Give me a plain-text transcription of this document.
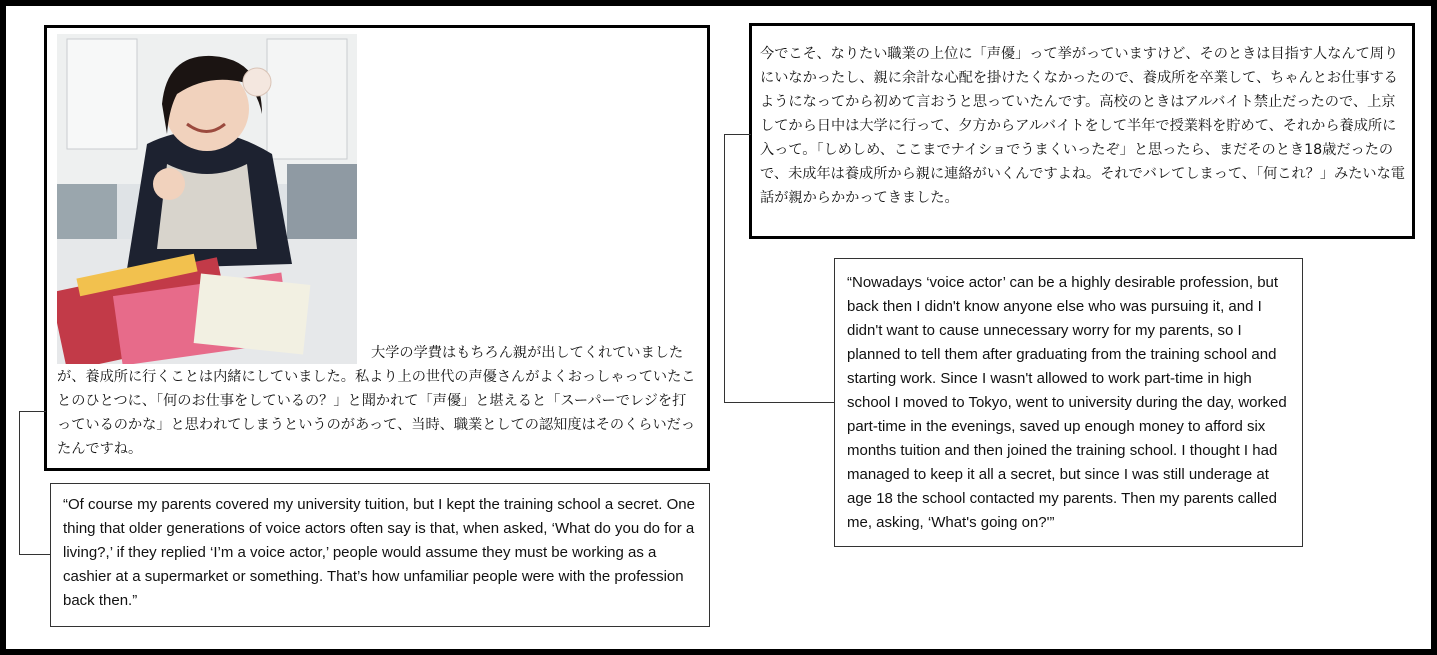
大学の学費はもちろん親が出してくれていましたが、養成所に行くことは内緒にしていました。私より上の世代の声優さんがよくおっしゃっていたことのひとつに、「何のお仕事をしているの？」と聞かれて「声優」と堪えると「スーパーでレジを打っているのかな」と思われてしまうというのがあって、当時、職業としての認知度はそのくらいだったんですね。

“Of course my parents covered my university tuition, but I kept the training school a secret. One thing that older generations of voice actors often say is that, when asked, ‘What do you do for a living?,’ if they replied ‘I’m a voice actor,’ people would assume they must be working as a cashier at a supermarket or something. That’s how unfamiliar people were with the profession back then.”

今でこそ、なりたい職業の上位に「声優」って挙がっていますけど、そのときは目指す人なんて周りにいなかったし、親に余計な心配を掛けたくなかったので、養成所を卒業して、ちゃんとお仕事するようになってから初めて言おうと思っていたんです。高校のときはアルバイト禁止だったので、上京してから日中は大学に行って、夕方からアルバイトをして半年で授業料を貯めて、それから養成所に入って。「しめしめ、ここまでナイショでうまくいったぞ」と思ったら、まだそのとき18歳だったので、未成年は養成所から親に連絡がいくんですよね。それでバレてしまって、「何これ？」みたいな電話が親からかかってきました。

“Nowadays ‘voice actor’ can be a highly desirable profession, but back then I didn't know anyone else who was pursuing it, and I didn't want to cause unnecessary worry for my parents, so I planned to tell them after graduating from the training school and starting work. Since I wasn't allowed to work part-time in high school I moved to Tokyo, went to university during the day, worked part-time in the evenings, saved up enough money to afford six months tuition and then joined the training school. I thought I had managed to keep it all a secret, but since I was still underage at age 18 the school contacted my parents. Then my parents called me, asking, ‘What's going on?'”
